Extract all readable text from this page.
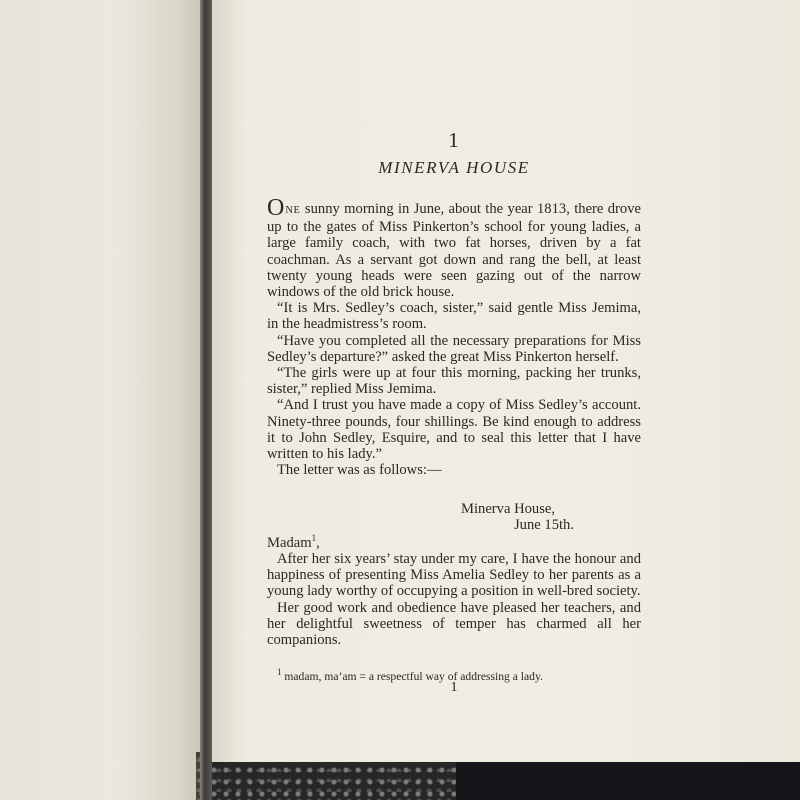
1
MINERVA HOUSE

ONE sunny morning in June, about the year 1813, there drove up to the gates of Miss Pinkerton’s school for young ladies, a large family coach, with two fat horses, driven by a fat coachman. As a servant got down and rang the bell, at least twenty young heads were seen gazing out of the narrow windows of the old brick house.

“It is Mrs. Sedley’s coach, sister,” said gentle Miss Jemima, in the headmistress’s room.

“Have you completed all the necessary preparations for Miss Sedley’s departure?” asked the great Miss Pinkerton herself.

“The girls were up at four this morning, packing her trunks, sister,” replied Miss Jemima.

“And I trust you have made a copy of Miss Sedley’s account. Ninety-three pounds, four shillings. Be kind enough to address it to John Sedley, Esquire, and to seal this letter that I have written to his lady.”

The letter was as follows:—

Minerva House,
June 15th.

Madam$^1$,

After her six years’ stay under my care, I have the honour and happiness of presenting Miss Amelia Sedley to her parents as a young lady worthy of occupying a position in well-bred society.

Her good work and obedience have pleased her teachers, and her delightful sweetness of temper has charmed all her companions.

$^1$ madam, ma’am = a respectful way of addressing a lady.
1
